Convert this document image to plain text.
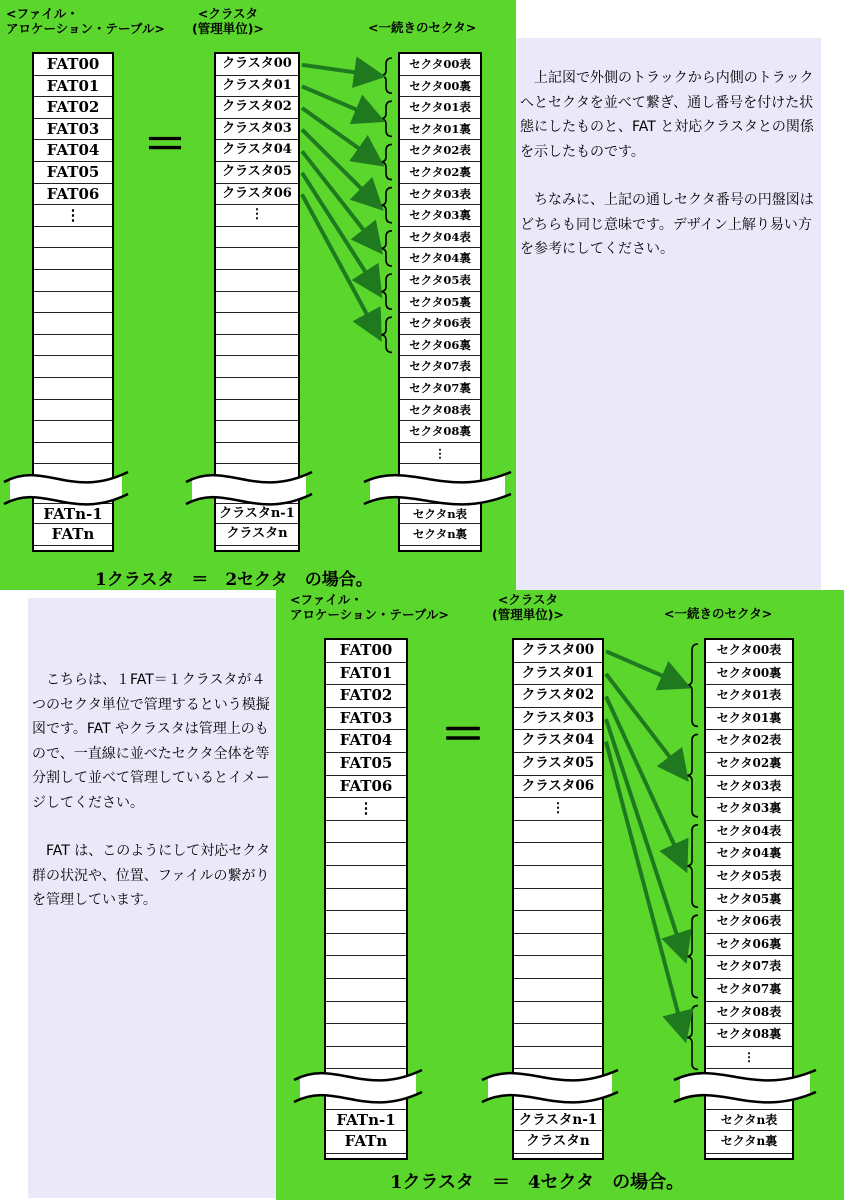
<ファイル・
アロケーション・テーブル>
<クラスタ
(管理単位)>	<一続きのセクタ>
FAT00
FAT01
FAT02
FAT03
FAT04
FAT05
FAT06
⋮
FATn-1
FATn
クラスタ00
クラスタ01
クラスタ02
クラスタ03
クラスタ04
クラスタ05
クラスタ06
⋮
クラスタn-1
クラスタn
セクタ00表
セクタ00裏
セクタ01表
セクタ01裏
セクタ02表
セクタ02裏
セクタ03表
セクタ03裏
セクタ04表
セクタ04裏
セクタ05表
セクタ05裏
セクタ06表
セクタ06裏
セクタ07表
セクタ07裏
セクタ08表
セクタ08裏
⋮
セクタn表
セクタn裏
＝
1クラスタ　＝　2セクタ　の場合。

上記図で外側のトラックから内側のトラックへとセクタを並べて繋ぎ、通し番号を付けた状態にしたものと、FAT と対応クラスタとの関係を示したものです。

ちなみに、上記の通しセクタ番号の円盤図はどちらも同じ意味です。デザイン上解り易い方を参考にしてください。

<ファイル・
アロケーション・テーブル>
<クラスタ
(管理単位)>	<一続きのセクタ>
FAT00
FAT01
FAT02
FAT03
FAT04
FAT05
FAT06
⋮
FATn-1
FATn
クラスタ00
クラスタ01
クラスタ02
クラスタ03
クラスタ04
クラスタ05
クラスタ06
⋮
クラスタn-1
クラスタn
セクタ00表
セクタ00裏
セクタ01表
セクタ01裏
セクタ02表
セクタ02裏
セクタ03表
セクタ03裏
セクタ04表
セクタ04裏
セクタ05表
セクタ05裏
セクタ06表
セクタ06裏
セクタ07表
セクタ07裏
セクタ08表
セクタ08裏
⋮
セクタn表
セクタn裏
＝
1クラスタ　＝　4セクタ　の場合。

こちらは、１FAT＝１クラスタが４つのセクタ単位で管理するという模擬図です。FAT やクラスタは管理上のもので、一直線に並べたセクタ全体を等分割して並べて管理しているとイメージしてください。

FAT は、このようにして対応セクタ群の状況や、位置、ファイルの繋がりを管理しています。
